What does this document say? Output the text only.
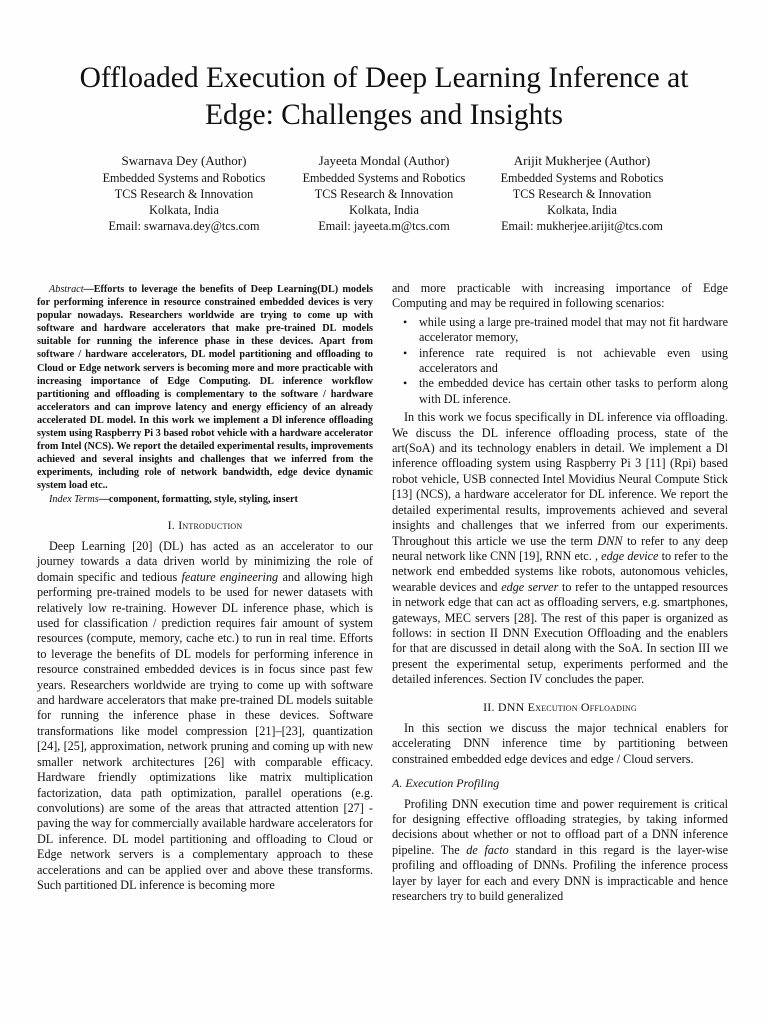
Offloaded Execution of Deep Learning Inference at
Edge: Challenges and Insights
Swarnava Dey (Author)
Embedded Systems and Robotics
TCS Research & Innovation
Kolkata, India
Email: swarnava.dey@tcs.com
Jayeeta Mondal (Author)
Embedded Systems and Robotics
TCS Research & Innovation
Kolkata, India
Email: jayeeta.m@tcs.com
Arijit Mukherjee (Author)
Embedded Systems and Robotics
TCS Research & Innovation
Kolkata, India
Email: mukherjee.arijit@tcs.com

Abstract—Efforts to leverage the benefits of Deep Learning(DL) models for performing inference in resource constrained embedded devices is very popular nowadays. Researchers worldwide are trying to come up with software and hardware accelerators that make pre-trained DL models suitable for running the inference phase in these devices. Apart from software / hardware accelerators, DL model partitioning and offloading to Cloud or Edge network servers is becoming more and more practicable with increasing importance of Edge Computing. DL inference workflow partitioning and offloading is complementary to the software / hardware accelerators and can improve latency and energy efficiency of an already accelerated DL model. In this work we implement a Dl inference offloading system using Raspberry Pi 3 based robot vehicle with a hardware accelerator from Intel (NCS). We report the detailed experimental results, improvements achieved and several insights and challenges that we inferred from the experiments, including role of network bandwidth, edge device dynamic system load etc..

Index Terms—component, formatting, style, styling, insert

I. Introduction

Deep Learning [20] (DL) has acted as an accelerator to our journey towards a data driven world by minimizing the role of domain specific and tedious feature engineering and allowing high performing pre-trained models to be used for newer datasets with relatively low re-training. However DL inference phase, which is used for classification / prediction requires fair amount of system resources (compute, memory, cache etc.) to run in real time. Efforts to leverage the benefits of DL models for performing inference in resource constrained embedded devices is in focus since past few years. Researchers worldwide are trying to come up with software and hardware accelerators that make pre-trained DL models suitable for running the inference phase in these devices. Software transformations like model compression [21]–[23], quantization [24], [25], approximation, network pruning and coming up with new smaller network architectures [26] with comparable efficacy. Hardware friendly optimizations like matrix multiplication factorization, data path optimization, parallel operations (e.g. convolutions) are some of the areas that attracted attention [27] - paving the way for commercially available hardware accelerators for DL inference. DL model partitioning and offloading to Cloud or Edge network servers is a complementary approach to these accelerations and can be applied over and above these transforms. Such partitioned DL inference is becoming more

and more practicable with increasing importance of Edge Computing and may be required in following scenarios:

• while using a large pre-trained model that may not fit hardware accelerator memory,
• inference rate required is not achievable even using accelerators and
• the embedded device has certain other tasks to perform along with DL inference.

In this work we focus specifically in DL inference via offloading. We discuss the DL inference offloading process, state of the art(SoA) and its technology enablers in detail. We implement a Dl inference offloading system using Raspberry Pi 3 [11] (Rpi) based robot vehicle, USB connected Intel Movidius Neural Compute Stick [13] (NCS), a hardware accelerator for DL inference. We report the detailed experimental results, improvements achieved and several insights and challenges that we inferred from our experiments. Throughout this article we use the term DNN to refer to any deep neural network like CNN [19], RNN etc. , edge device to refer to the network end embedded systems like robots, autonomous vehicles, wearable devices and edge server to refer to the untapped resources in network edge that can act as offloading servers, e.g. smartphones, gateways, MEC servers [28]. The rest of this paper is organized as follows: in section II DNN Execution Offloading and the enablers for that are discussed in detail along with the SoA. In section III we present the experimental setup, experiments performed and the detailed inferences. Section IV concludes the paper.

II. DNN Execution Offloading

In this section we discuss the major technical enablers for accelerating DNN inference time by partitioning between constrained embedded edge devices and edge / Cloud servers.

A. Execution Profiling

Profiling DNN execution time and power requirement is critical for designing effective offloading strategies, by taking informed decisions about whether or not to offload part of a DNN inference pipeline. The de facto standard in this regard is the layer-wise profiling and offloading of DNNs. Profiling the inference process layer by layer for each and every DNN is impracticable and hence researchers try to build generalized
